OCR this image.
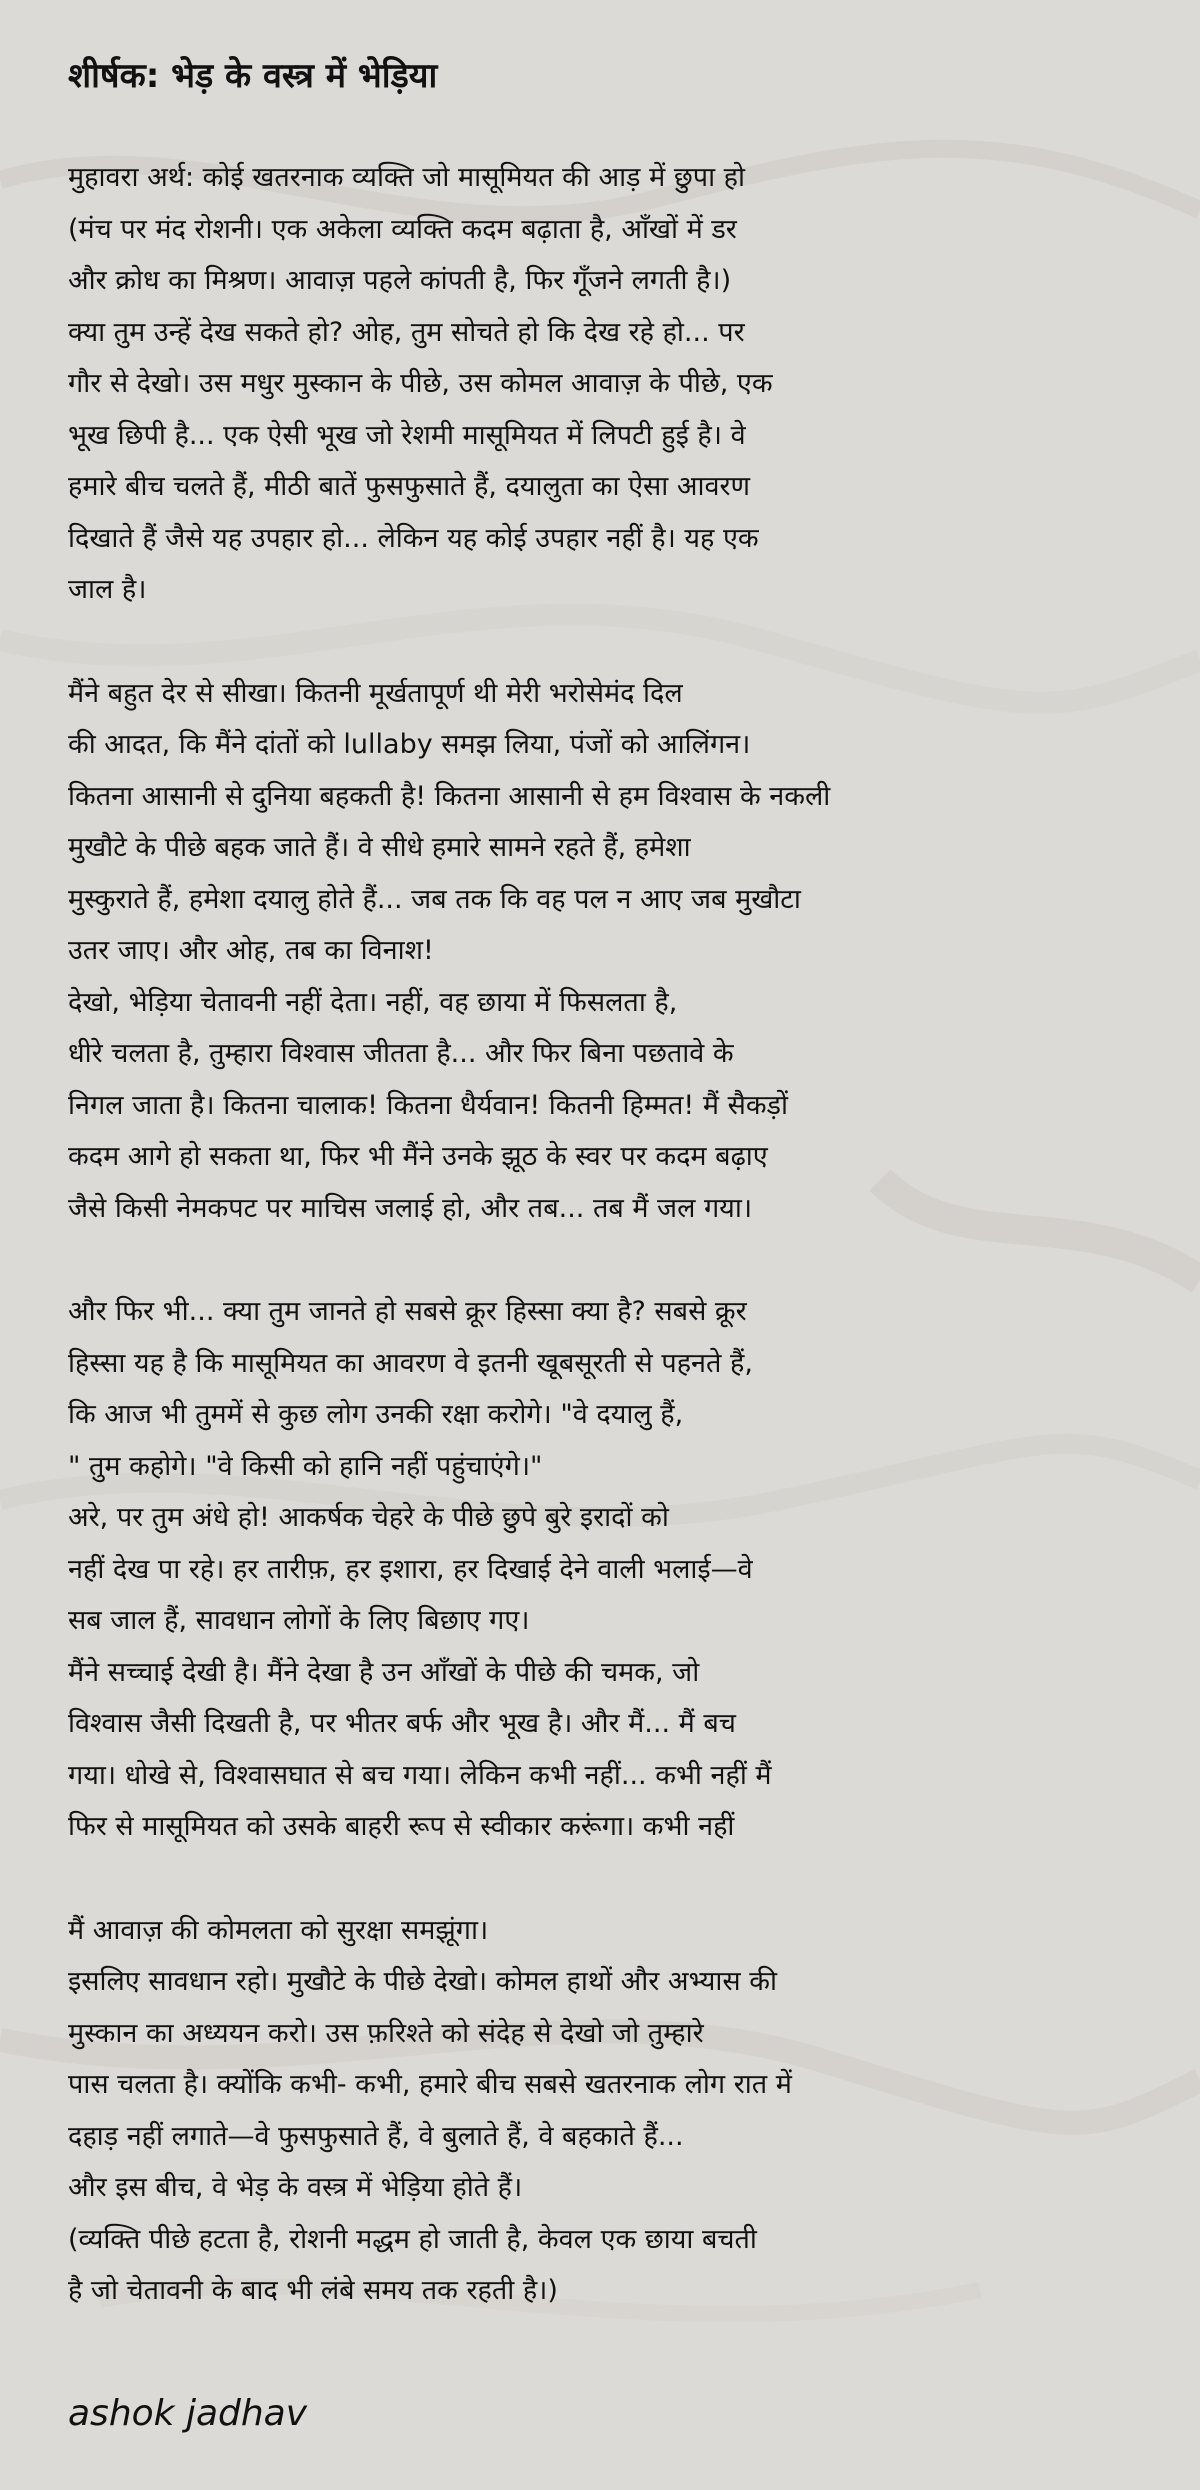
शीर्षक: भेड़ के वस्त्र में भेड़िया
मुहावरा अर्थ: कोई खतरनाक व्यक्ति जो मासूमियत की आड़ में छुपा हो
(मंच पर मंद रोशनी। एक अकेला व्यक्ति कदम बढ़ाता है, आँखों में डर
और क्रोध का मिश्रण। आवाज़ पहले कांपती है, फिर गूँजने लगती है।)
क्या तुम उन्हें देख सकते हो? ओह, तुम सोचते हो कि देख रहे हो... पर
गौर से देखो। उस मधुर मुस्कान के पीछे, उस कोमल आवाज़ के पीछे, एक
भूख छिपी है... एक ऐसी भूख जो रेशमी मासूमियत में लिपटी हुई है। वे
हमारे बीच चलते हैं, मीठी बातें फुसफुसाते हैं, दयालुता का ऐसा आवरण
दिखाते हैं जैसे यह उपहार हो... लेकिन यह कोई उपहार नहीं है। यह एक
जाल है।
मैंने बहुत देर से सीखा। कितनी मूर्खतापूर्ण थी मेरी भरोसेमंद दिल
की आदत, कि मैंने दांतों को lullaby समझ लिया, पंजों को आलिंगन।
कितना आसानी से दुनिया बहकती है! कितना आसानी से हम विश्वास के नकली
मुखौटे के पीछे बहक जाते हैं। वे सीधे हमारे सामने रहते हैं, हमेशा
मुस्कुराते हैं, हमेशा दयालु होते हैं... जब तक कि वह पल न आए जब मुखौटा
उतर जाए। और ओह, तब का विनाश!
देखो, भेड़िया चेतावनी नहीं देता। नहीं, वह छाया में फिसलता है,
धीरे चलता है, तुम्हारा विश्वास जीतता है... और फिर बिना पछतावे के
निगल जाता है। कितना चालाक! कितना धैर्यवान! कितनी हिम्मत! मैं सैकड़ों
कदम आगे हो सकता था, फिर भी मैंने उनके झूठ के स्वर पर कदम बढ़ाए
जैसे किसी नेमकपट पर माचिस जलाई हो, और तब... तब मैं जल गया।
और फिर भी... क्या तुम जानते हो सबसे क्रूर हिस्सा क्या है? सबसे क्रूर
हिस्सा यह है कि मासूमियत का आवरण वे इतनी खूबसूरती से पहनते हैं,
कि आज भी तुममें से कुछ लोग उनकी रक्षा करोगे। "वे दयालु हैं,
" तुम कहोगे। "वे किसी को हानि नहीं पहुंचाएंगे।"
अरे, पर तुम अंधे हो! आकर्षक चेहरे के पीछे छुपे बुरे इरादों को
नहीं देख पा रहे। हर तारीफ़, हर इशारा, हर दिखाई देने वाली भलाई—वे
सब जाल हैं, सावधान लोगों के लिए बिछाए गए।
मैंने सच्चाई देखी है। मैंने देखा है उन आँखों के पीछे की चमक, जो
विश्वास जैसी दिखती है, पर भीतर बर्फ और भूख है। और मैं... मैं बच
गया। धोखे से, विश्वासघात से बच गया। लेकिन कभी नहीं... कभी नहीं मैं
फिर से मासूमियत को उसके बाहरी रूप से स्वीकार करूंगा। कभी नहीं
मैं आवाज़ की कोमलता को सुरक्षा समझूंगा।
इसलिए सावधान रहो। मुखौटे के पीछे देखो। कोमल हाथों और अभ्यास की
मुस्कान का अध्ययन करो। उस फ़रिश्ते को संदेह से देखो जो तुम्हारे
पास चलता है। क्योंकि कभी- कभी, हमारे बीच सबसे खतरनाक लोग रात में
दहाड़ नहीं लगाते—वे फुसफुसाते हैं, वे बुलाते हैं, वे बहकाते हैं...
और इस बीच, वे भेड़ के वस्त्र में भेड़िया होते हैं।
(व्यक्ति पीछे हटता है, रोशनी मद्धम हो जाती है, केवल एक छाया बचती
है जो चेतावनी के बाद भी लंबे समय तक रहती है।)
ashok jadhav
